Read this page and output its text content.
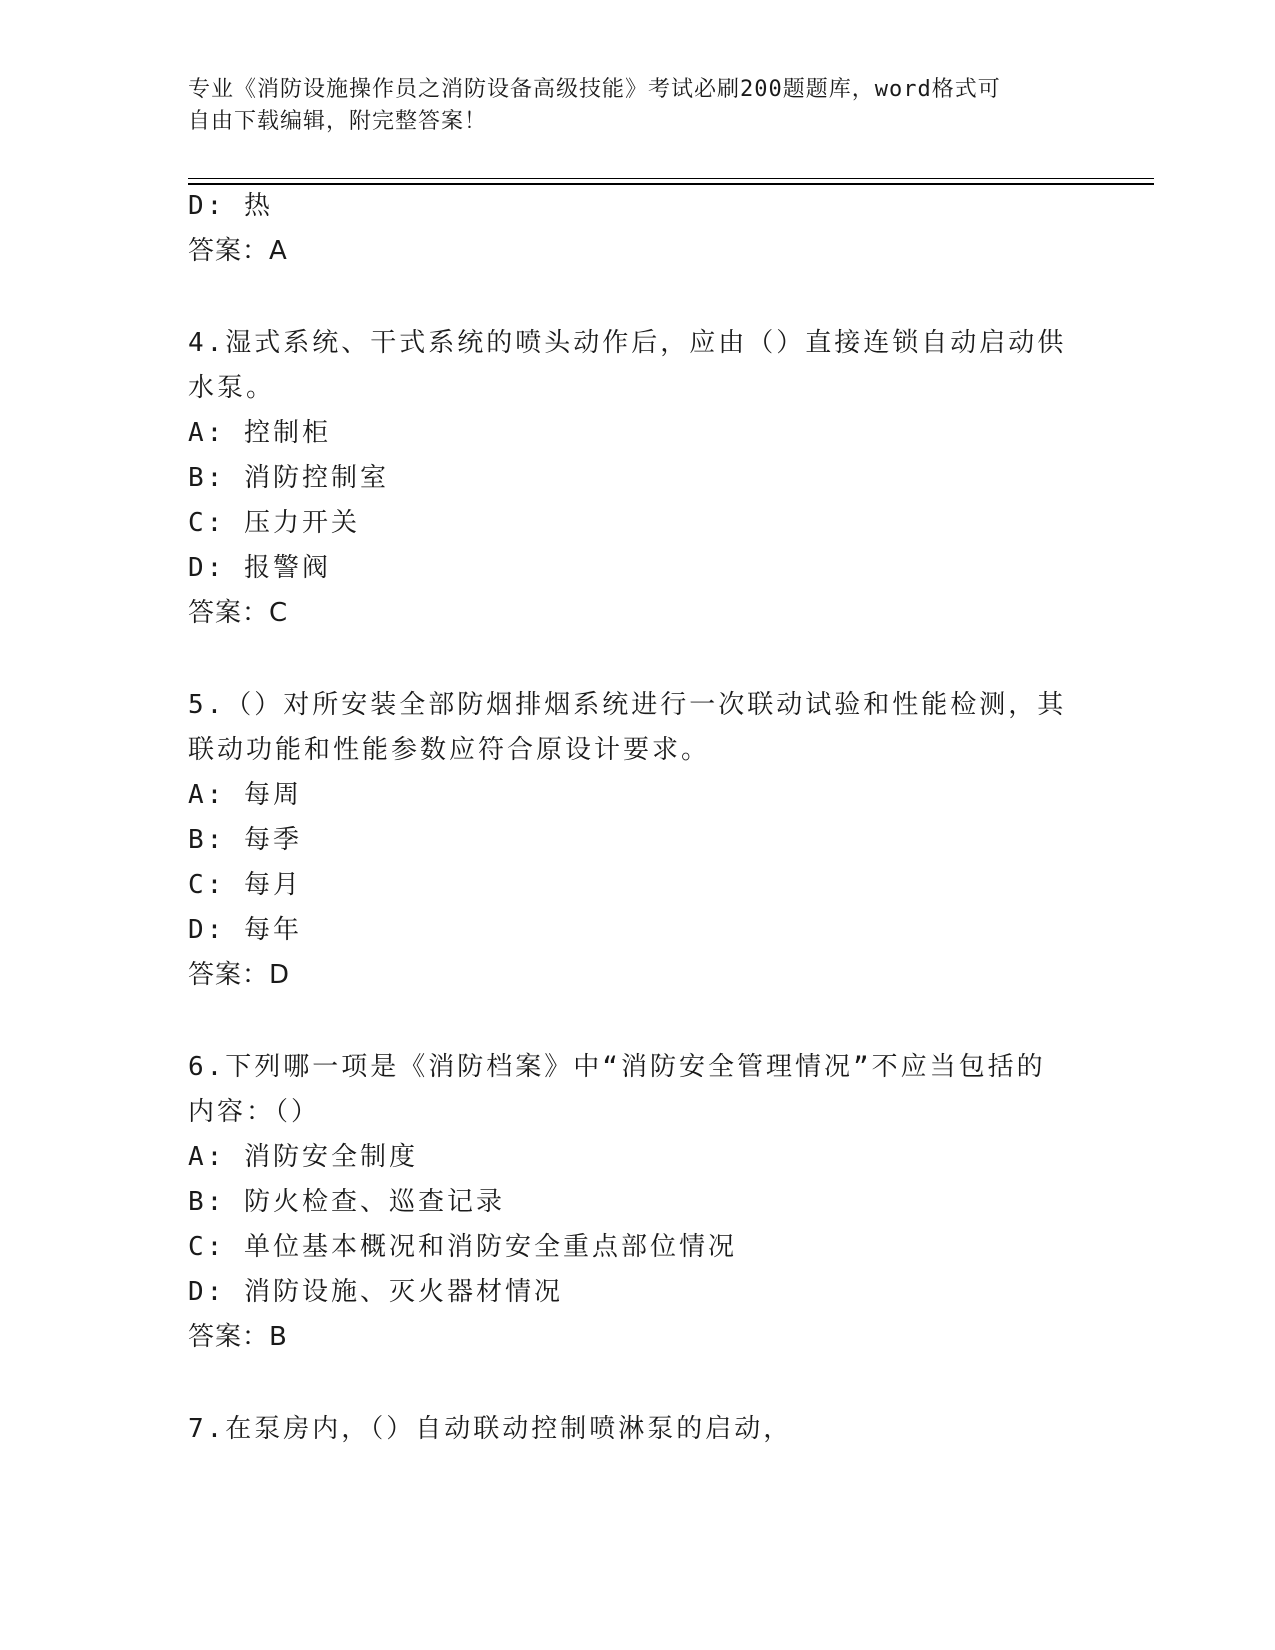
专业《消防设施操作员之消防设备高级技能》考试必刷200题题库，word格式可
自由下载编辑，附完整答案！
D: 热
答案：A
4.湿式系统、干式系统的喷头动作后，应由（）直接连锁自动启动供
水泵。
A: 控制柜
B: 消防控制室
C: 压力开关
D: 报警阀
答案：C
5.（）对所安装全部防烟排烟系统进行一次联动试验和性能检测，其
联动功能和性能参数应符合原设计要求。
A: 每周
B: 每季
C: 每月
D: 每年
答案：D
6.下列哪一项是《消防档案》中“消防安全管理情况”不应当包括的
内容：（）
A: 消防安全制度
B: 防火检查、巡查记录
C: 单位基本概况和消防安全重点部位情况
D: 消防设施、灭火器材情况
答案：B
7.在泵房内，（）自动联动控制喷淋泵的启动，
